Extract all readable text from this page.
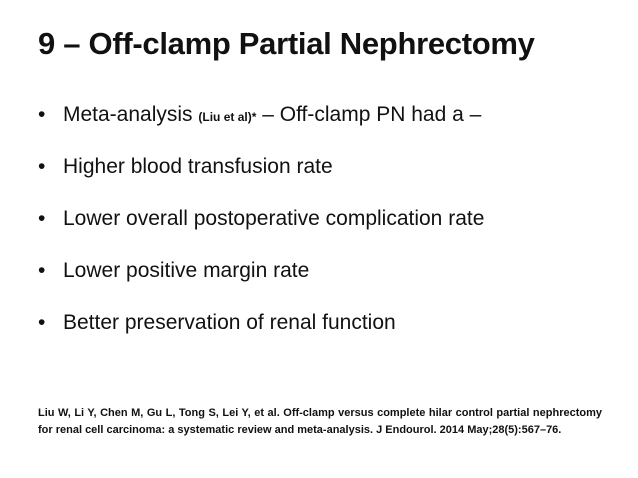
9 – Off-clamp Partial Nephrectomy
• Meta-analysis (Liu et al)* – Off-clamp PN had a –
• Higher blood transfusion rate
• Lower overall postoperative complication rate
• Lower positive margin rate
• Better preservation of renal function
Liu W, Li Y, Chen M, Gu L, Tong S, Lei Y, et al. Off-clamp versus complete hilar control partial nephrectomy for renal cell carcinoma: a systematic review and meta-analysis. J Endourol. 2014 May;28(5):567–76.
